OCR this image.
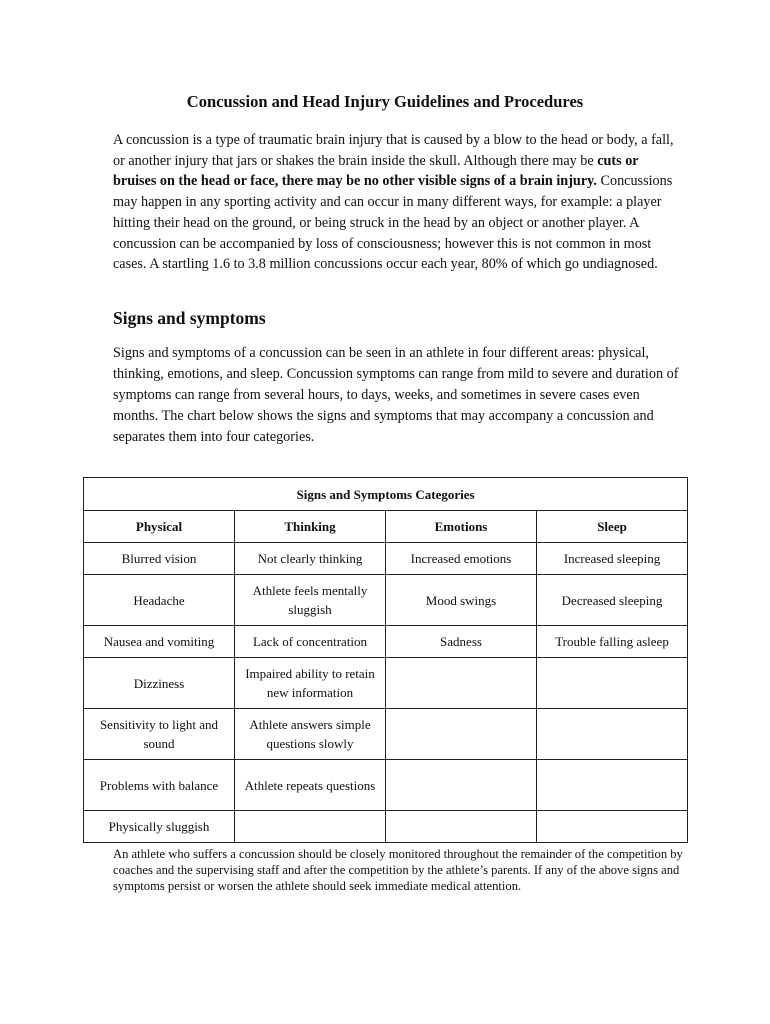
Concussion and Head Injury Guidelines and Procedures

A concussion is a type of traumatic brain injury that is caused by a blow to the head or body, a fall, or another injury that jars or shakes the brain inside the skull. Although there may be cuts or bruises on the head or face, there may be no other visible signs of a brain injury. Concussions may happen in any sporting activity and can occur in many different ways, for example: a player hitting their head on the ground, or being struck in the head by an object or another player. A concussion can be accompanied by loss of consciousness; however this is not common in most cases. A startling 1.6 to 3.8 million concussions occur each year, 80% of which go undiagnosed.

Signs and symptoms

Signs and symptoms of a concussion can be seen in an athlete in four different areas: physical, thinking, emotions, and sleep. Concussion symptoms can range from mild to severe and duration of symptoms can range from several hours, to days, weeks, and sometimes in severe cases even months. The chart below shows the signs and symptoms that may accompany a concussion and separates them into four categories.

Signs and Symptoms Categories			
Physical	Thinking	Emotions	Sleep
Blurred vision	Not clearly thinking	Increased emotions	Increased sleeping
Headache	Athlete feels mentally sluggish	Mood swings	Decreased sleeping
Nausea and vomiting	Lack of concentration	Sadness	Trouble falling asleep
Dizziness	Impaired ability to retain new information		
Sensitivity to light and sound	Athlete answers simple questions slowly		
Problems with balance	Athlete repeats questions		
Physically sluggish			

An athlete who suffers a concussion should be closely monitored throughout the remainder of the competition by coaches and the supervising staff and after the competition by the athlete’s parents. If any of the above signs and symptoms persist or worsen the athlete should seek immediate medical attention.
